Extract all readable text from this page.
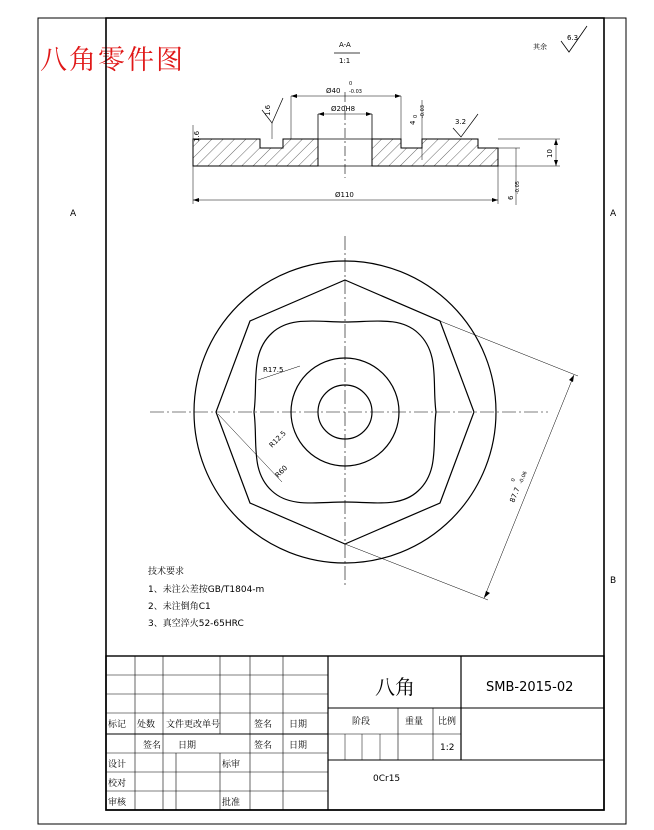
八角零件图
A	A
B
A-A
1:1
其余
6.3
Ø40
0
-0.03
Ø20H8
4
0 -0.03
1.6
3.2
1.6
10
6
-0.05
Ø110
R17.5
R12.5
R60
87.7
0 -0.06
技术要求
1、未注公差按GB/T1804-m
2、未注倒角C1
3、真空淬火52-65HRC
八角	SMB-2015-02
标记 处数 文件更改单号	签名 日期
签名 日期	签名 日期
设计	标审
校对
审核	批准
阶段	重量 比例
1:2
0Cr15
